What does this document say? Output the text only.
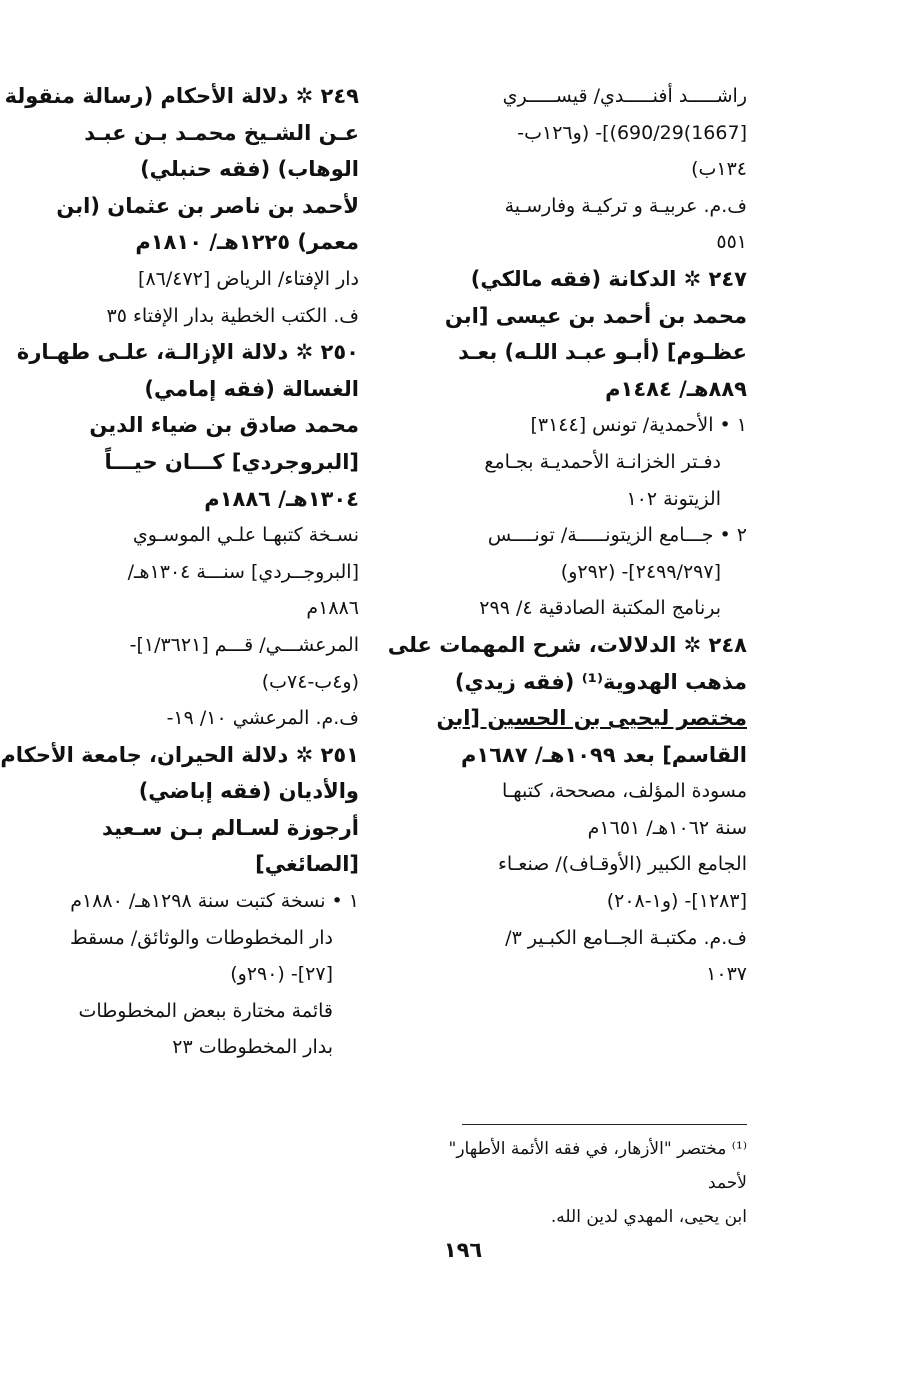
راشـــــد أفنـــــدي/ قيســـــري
[1667)690/29)]- (و١٢٦ب-
١٣٤ب)
ف.م. عربيـة و تركيـة وفارسـية
٥٥١
٢٤٧ ✲ الدكانة (فقه مالكي)
محمد بن أحمد بن عيسى [ابن
عظـوم] (أبـو عبـد اللـه) بعـد
٨٨٩هـ/ ١٤٨٤م
١ • الأحمدية/ تونس [٣١٤٤]
دفـتر الخزانـة الأحمديـة بجـامع
الزيتونة ١٠٢
٢ • جـــامع الزيتونـــــة/ تونــــس
[٢٤٩٩/٢٩٧]- (٢٩٢و)
برنامج المكتبة الصادقية ٤/ ٢٩٩
٢٤٨ ✲ الدلالات، شرح المهمات على
مذهب الهدوية⁽¹⁾ (فقه زيدي)
مختصر ليحيى بن الحسين [ابن
القاسم] بعد ١٠٩٩هـ/ ١٦٨٧م
مسودة المؤلف، مصححة، كتبهـا
سنة ١٠٦٢هـ/ ١٦٥١م
الجامع الكبير (الأوقـاف)/ صنعـاء
[١٢٨٣]- (و١-٢٠٨)
ف.م. مكتبـة الجــامع الكبـير ٣/
١٠٣٧
٢٤٩ ✲ دلالة الأحكام (رسالة منقولة
عـن الشـيخ محمـد بـن عبـد
الوهاب) (فقه حنبلي)
لأحمد بن ناصر بن عثمان (ابن
معمر) ١٢٢٥هـ/ ١٨١٠م
دار الإفتاء/ الرياض [٨٦/٤٧٢]
ف. الكتب الخطية بدار الإفتاء ٣٥
٢٥٠ ✲ دلالة الإزالـة، علـى طهـارة
الغسالة (فقه إمامي)
محمد صادق بن ضياء الدين
[البروجردي] كـــان حيـــاً
١٣٠٤هـ/ ١٨٨٦م
نسـخة كتبهـا علـي الموسـوي
[البروجــردي] سنـــة ١٣٠٤هـ/
١٨٨٦م
المرعشـــي/ قـــم [١/٣٦٢١]-
(و٤ب-٧٤ب)
ف.م. المرعشي ١٠/ ١٩-
٢٥١ ✲ دلالة الحيران، جامعة الأحكام
والأديان (فقه إباضي)
أرجوزة لسـالم بـن سـعيد
[الصائغي]
١ • نسخة كتبت سنة ١٢٩٨هـ/ ١٨٨٠م
دار المخطوطات والوثائق/ مسقط
[٢٧]- (٢٩٠و)
قائمة مختارة ببعض المخطوطات
بدار المخطوطات ٢٣
⁽¹⁾ مختصر "الأزهار، في فقه الأئمة الأطهار" لأحمد
ابن يحيى، المهدي لدين الله.
١٩٦
